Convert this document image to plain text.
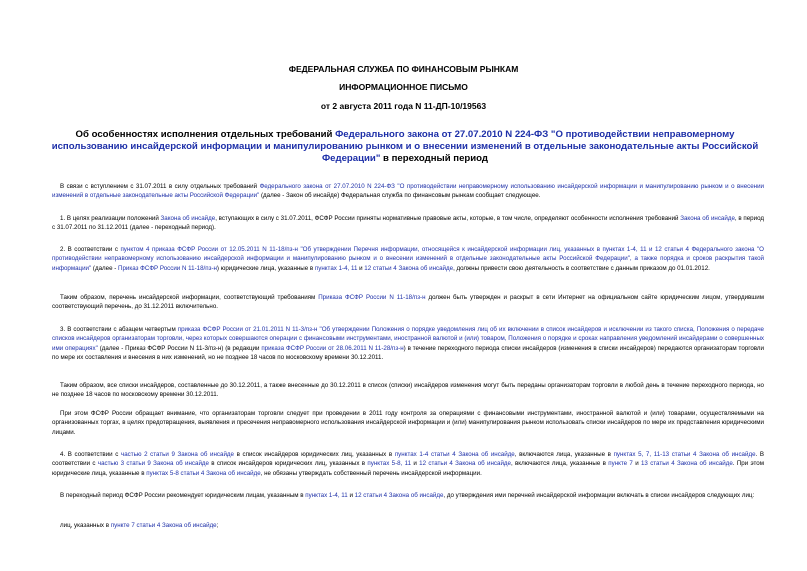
ФЕДЕРАЛЬНАЯ СЛУЖБА ПО ФИНАНСОВЫМ РЫНКАМ
ИНФОРМАЦИОННОЕ ПИСЬМО
от 2 августа 2011 года N 11-ДП-10/19563
Об особенностях исполнения отдельных требований Федерального закона от 27.07.2010 N 224-ФЗ "О противодействии неправомерному использованию инсайдерской информации и манипулированию рынком и о внесении изменений в отдельные законодательные акты Российской Федерации" в переходный период
В связи с вступлением с 31.07.2011 в силу отдельных требований Федерального закона от 27.07.2010 N 224-ФЗ "О противодействии неправомерному использованию инсайдерской информации и манипулированию рынком и о внесении изменений в отдельные законодательные акты Российской Федерации" (далее - Закон об инсайде) Федеральная служба по финансовым рынкам сообщает следующее.
1. В целях реализации положений Закона об инсайде, вступающих в силу с 31.07.2011, ФСФР России приняты нормативные правовые акты, которые, в том числе, определяют особенности исполнения требований Закона об инсайде, в период с 31.07.2011 по 31.12.2011 (далее - переходный период).
2. В соответствии с пунктом 4 приказа ФСФР России от 12.05.2011 N 11-18/пз-н "Об утверждении Перечня информации, относящейся к инсайдерской информации лиц, указанных в пунктах 1-4, 11 и 12 статьи 4 Федерального закона "О противодействии неправомерному использованию инсайдерской информации и манипулированию рынком и о внесении изменений в отдельные законодательные акты Российской Федерации", а также порядка и сроков раскрытия такой информации" (далее - Приказ ФСФР России N 11-18/пз-н) юридические лица, указанные в пунктах 1-4, 11 и 12 статьи 4 Закона об инсайде, должны привести свою деятельность в соответствие с данным приказом до 01.01.2012.
Таким образом, перечень инсайдерской информации, соответствующий требованиям Приказа ФСФР России N 11-18/пз-н должен быть утвержден и раскрыт в сети Интернет на официальном сайте юридическим лицом, утвердившим соответствующий перечень, до 31.12.2011 включительно.
3. В соответствии с абзацем четвертым приказа ФСФР России от 21.01.2011 N 11-3/пз-н "Об утверждении Положения о порядке уведомления лиц об их включении в список инсайдеров и исключении из такого списка, Положения о передаче списков инсайдеров организаторам торговли, через которых совершаются операции с финансовыми инструментами, иностранной валютой и (или) товаром, Положения о порядке и сроках направления уведомлений инсайдерами о совершенных ими операциях" (далее - Приказ ФСФР России N 11-3/пз-н) (в редакции приказа ФСФР России от 28.06.2011 N 11-28/пз-н) в течение переходного периода списки инсайдеров (изменения в списки инсайдеров) передаются организаторам торговли по мере их составления и внесения в них изменений, но не позднее 18 часов по московскому времени 30.12.2011.
Таким образом, все списки инсайдеров, составленные до 30.12.2011, а также внесенные до 30.12.2011 в список (списки) инсайдеров изменения могут быть переданы организаторам торговли в любой день в течение переходного периода, но не позднее 18 часов по московскому времени 30.12.2011.
При этом ФСФР России обращает внимание, что организаторам торговли следует при проведении в 2011 году контроля за операциями с финансовыми инструментами, иностранной валютой и (или) товарами, осуществляемыми на организованных торгах, в целях предотвращения, выявления и пресечения неправомерного использования инсайдерской информации и (или) манипулирования рынком использовать списки инсайдеров по мере их представления юридическими лицами.
4. В соответствии с частью 2 статьи 9 Закона об инсайде в список инсайдеров юридических лиц, указанных в пунктах 1-4 статьи 4 Закона об инсайде, включаются лица, указанные в пунктах 5, 7, 11-13 статьи 4 Закона об инсайде. В соответствии с частью 3 статьи 9 Закона об инсайде в список инсайдеров юридических лиц, указанных в пунктах 5-8, 11 и 12 статьи 4 Закона об инсайде, включаются лица, указанные в пункте 7 и 13 статьи 4 Закона об инсайде. При этом юридические лица, указанные в пунктах 5-8 статьи 4 Закона об инсайде, не обязаны утверждать собственный перечень инсайдерской информации.
В переходный период ФСФР России рекомендует юридическим лицам, указанным в пунктах 1-4, 11 и 12 статьи 4 Закона об инсайде, до утверждения ими перечней инсайдерской информации включать в списки инсайдеров следующих лиц:
лиц, указанных в пункте 7 статьи 4 Закона об инсайде;
